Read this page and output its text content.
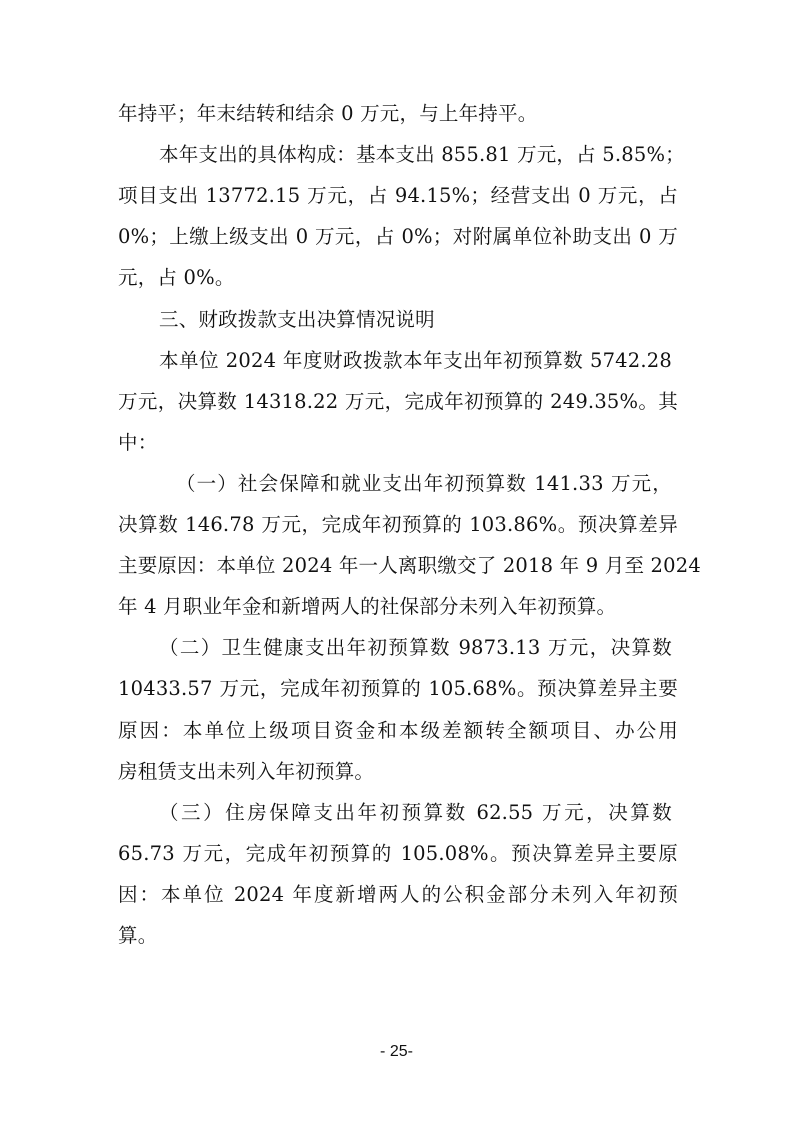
年持平；年末结转和结余 0 万元，与上年持平。
本年支出的具体构成：基本支出 855.81 万元，占 5.85%；
项目支出 13772.15 万元，占 94.15%；经营支出 0 万元，占
0%；上缴上级支出 0 万元，占 0%；对附属单位补助支出 0 万
元，占 0%。
三、财政拨款支出决算情况说明
本单位 2024 年度财政拨款本年支出年初预算数 5742.28
万元，决算数 14318.22 万元，完成年初预算的 249.35%。其
中：
（一）社会保障和就业支出年初预算数 141.33 万元，
决算数 146.78 万元，完成年初预算的 103.86%。预决算差异
主要原因：本单位 2024 年一人离职缴交了 2018 年 9 月至 2024
年 4 月职业年金和新增两人的社保部分未列入年初预算。
（二）卫生健康支出年初预算数 9873.13 万元，决算数
10433.57 万元，完成年初预算的 105.68%。预决算差异主要
原因：本单位上级项目资金和本级差额转全额项目、办公用
房租赁支出未列入年初预算。
（三）住房保障支出年初预算数 62.55 万元，决算数
65.73 万元，完成年初预算的 105.08%。预决算差异主要原
因：本单位 2024 年度新增两人的公积金部分未列入年初预
算。
- 25-
